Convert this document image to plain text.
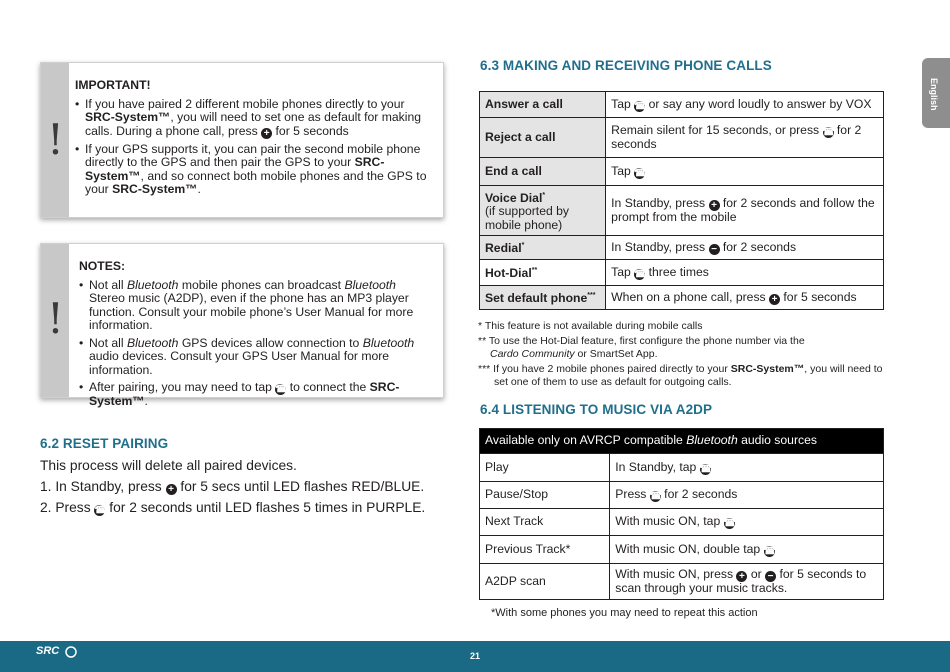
English
!
IMPORTANT!
• If you have paired 2 different mobile phones directly to your SRC-System™, you will need to set one as default for making calls. During a phone call, press + for 5 seconds
• If your GPS supports it, you can pair the second mobile phone directly to the GPS and then pair the GPS to your SRC-System™, and so connect both mobile phones and the GPS to your SRC-System™.
!
NOTES:
• Not all Bluetooth mobile phones can broadcast Bluetooth Stereo music (A2DP), even if the phone has an MP3 player function. Consult your mobile phone’s User Manual for more information.
• Not all Bluetooth GPS devices allow connection to Bluetooth audio devices. Consult your GPS User Manual for more information.
• After pairing, you may need to tap ☎ to connect the SRC-System™.
6.2 RESET PAIRING
This process will delete all paired devices.
1. In Standby, press + for 5 secs until LED flashes RED/BLUE.
2. Press ☎ for 2 seconds until LED flashes 5 times in PURPLE.
6.3 MAKING AND RECEIVING PHONE CALLS
Answer a call	Tap ☎ or say any word loudly to answer by VOX
Reject a call	Remain silent for 15 seconds, or press ☎ for 2 seconds
End a call	Tap ☎
Voice Dial*
(if supported by mobile phone)	In Standby, press + for 2 seconds and follow the prompt from the mobile
Redial*	In Standby, press − for 2 seconds
Hot-Dial**	Tap ☎ three times
Set default phone***	When on a phone call, press + for 5 seconds
* This feature is not available during mobile calls
** To use the Hot-Dial feature, first configure the phone number via the
Cardo Community or SmartSet App.
*** If you have 2 mobile phones paired directly to your SRC-System™, you will need to set one of them to use as default for outgoing calls.
6.4 LISTENING TO MUSIC VIA A2DP
Available only on AVRCP compatible Bluetooth audio sources	
Play	In Standby, tap ☎
Pause/Stop	Press ☎ for 2 seconds
Next Track	With music ON, tap ☎
Previous Track*	With music ON, double tap ☎
A2DP scan	With music ON, press + or − for 5 seconds to scan through your music tracks.
*With some phones you may need to repeat this action
SRC	21
